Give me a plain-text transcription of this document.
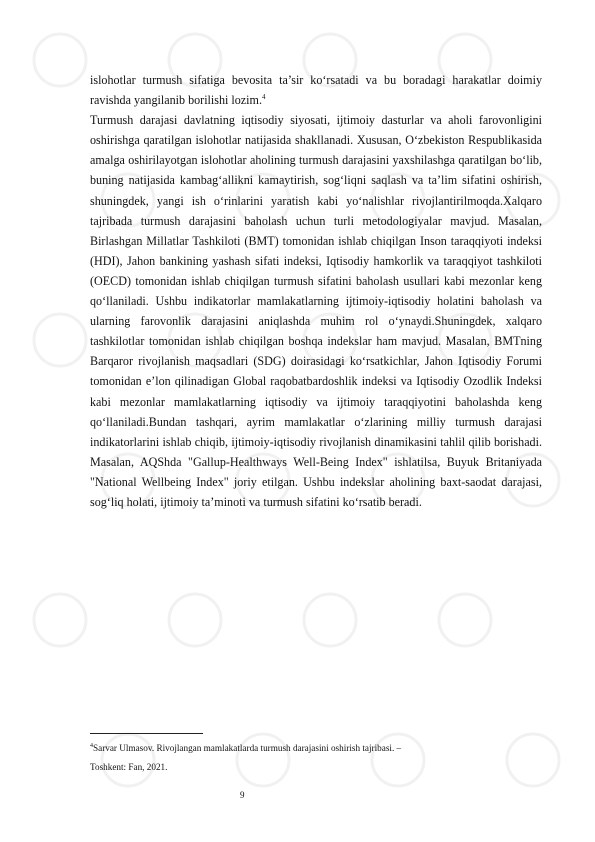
islohotlar turmush sifatiga bevosita ta’sir ko‘rsatadi va bu boradagi harakatlar doimiy ravishda yangilanib borilishi lozim.$^4$

Turmush darajasi davlatning iqtisodiy siyosati, ijtimoiy dasturlar va aholi farovonligini oshirishga qaratilgan islohotlar natijasida shakllanadi. Xususan, O‘zbekiston Respublikasida amalga oshirilayotgan islohotlar aholining turmush darajasini yaxshilashga qaratilgan bo‘lib, buning natijasida kambag‘allikni kamaytirish, sog‘liqni saqlash va ta’lim sifatini oshirish, shuningdek, yangi ish o‘rinlarini yaratish kabi yo‘nalishlar rivojlantirilmoqda.Xalqaro tajribada turmush darajasini baholash uchun turli metodologiyalar mavjud. Masalan, Birlashgan Millatlar Tashkiloti (BMT) tomonidan ishlab chiqilgan Inson taraqqiyoti indeksi (HDI), Jahon bankining yashash sifati indeksi, Iqtisodiy hamkorlik va taraqqiyot tashkiloti (OECD) tomonidan ishlab chiqilgan turmush sifatini baholash usullari kabi mezonlar keng qo‘llaniladi. Ushbu indikatorlar mamlakatlarning ijtimoiy-iqtisodiy holatini baholash va ularning farovonlik darajasini aniqlashda muhim rol o‘ynaydi.Shuningdek, xalqaro tashkilotlar tomonidan ishlab chiqilgan boshqa indekslar ham mavjud. Masalan, BMTning Barqaror rivojlanish maqsadlari (SDG) doirasidagi ko‘rsatkichlar, Jahon Iqtisodiy Forumi tomonidan e’lon qilinadigan Global raqobatbardoshlik indeksi va Iqtisodiy Ozodlik Indeksi kabi mezonlar mamlakatlarning iqtisodiy va ijtimoiy taraqqiyotini baholashda keng qo‘llaniladi.Bundan tashqari, ayrim mamlakatlar o‘zlarining milliy turmush darajasi indikatorlarini ishlab chiqib, ijtimoiy-iqtisodiy rivojlanish dinamikasini tahlil qilib borishadi. Masalan, AQShda "Gallup-Healthways Well-Being Index" ishlatilsa, Buyuk Britaniyada "National Wellbeing Index" joriy etilgan. Ushbu indekslar aholining baxt-saodat darajasi, sog‘liq holati, ijtimoiy ta’minoti va turmush sifatini ko‘rsatib beradi.

$^4$Sarvar Ulmasov. Rivojlangan mamlakatlarda turmush darajasini oshirish tajribasi. –
Toshkent: Fan, 2021.
9
